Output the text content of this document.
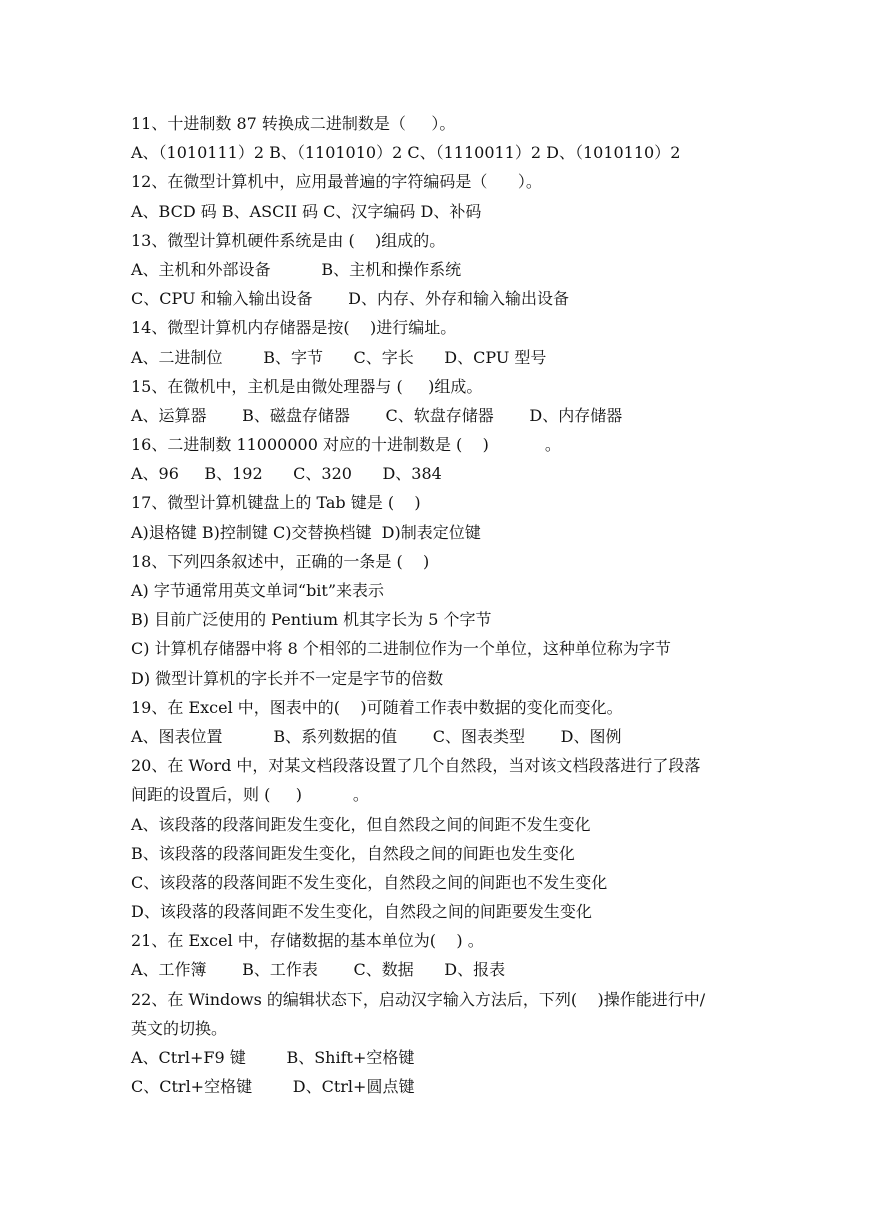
11、十进制数 87 转换成二进制数是（     ）。
A、（1010111）2 B、（1101010）2 C、（1110011）2 D、（1010110）2
12、在微型计算机中，应用最普遍的字符编码是（      ）。
A、BCD 码 B、ASCII 码 C、汉字编码 D、补码
13、微型计算机硬件系统是由 (    )组成的。
A、主机和外部设备          B、主机和操作系统
C、CPU 和输入输出设备       D、内存、外存和输入输出设备
14、微型计算机内存储器是按(    )进行编址。
A、二进制位        B、字节      C、字长      D、CPU 型号
15、在微机中，主机是由微处理器与 (     )组成。
A、运算器       B、磁盘存储器       C、软盘存储器       D、内存储器
16、二进制数 11000000 对应的十进制数是 (    )           。
A、96     B、192      C、320      D、384
17、微型计算机键盘上的 Tab 键是 (    )
A)退格键 B)控制键 C)交替换档键  D)制表定位键
18、下列四条叙述中，正确的一条是 (    )
A) 字节通常用英文单词“bit”来表示
B) 目前广泛使用的 Pentium 机其字长为 5 个字节
C) 计算机存储器中将 8 个相邻的二进制位作为一个单位，这种单位称为字节
D) 微型计算机的字长并不一定是字节的倍数
19、在 Excel 中，图表中的(    )可随着工作表中数据的变化而变化。
A、图表位置          B、系列数据的值       C、图表类型       D、图例
20、在 Word 中，对某文档段落设置了几个自然段，当对该文档段落进行了段落
间距的设置后，则 (     )          。
A、该段落的段落间距发生变化，但自然段之间的间距不发生变化
B、该段落的段落间距发生变化，自然段之间的间距也发生变化
C、该段落的段落间距不发生变化，自然段之间的间距也不发生变化
D、该段落的段落间距不发生变化，自然段之间的间距要发生变化
21、在 Excel 中，存储数据的基本单位为(    ) 。
A、工作簿       B、工作表       C、数据      D、报表
22、在 Windows 的编辑状态下，启动汉字输入方法后，下列(    )操作能进行中/
英文的切换。
A、Ctrl+F9 键        B、Shift+空格键
C、Ctrl+空格键        D、Ctrl+圆点键
